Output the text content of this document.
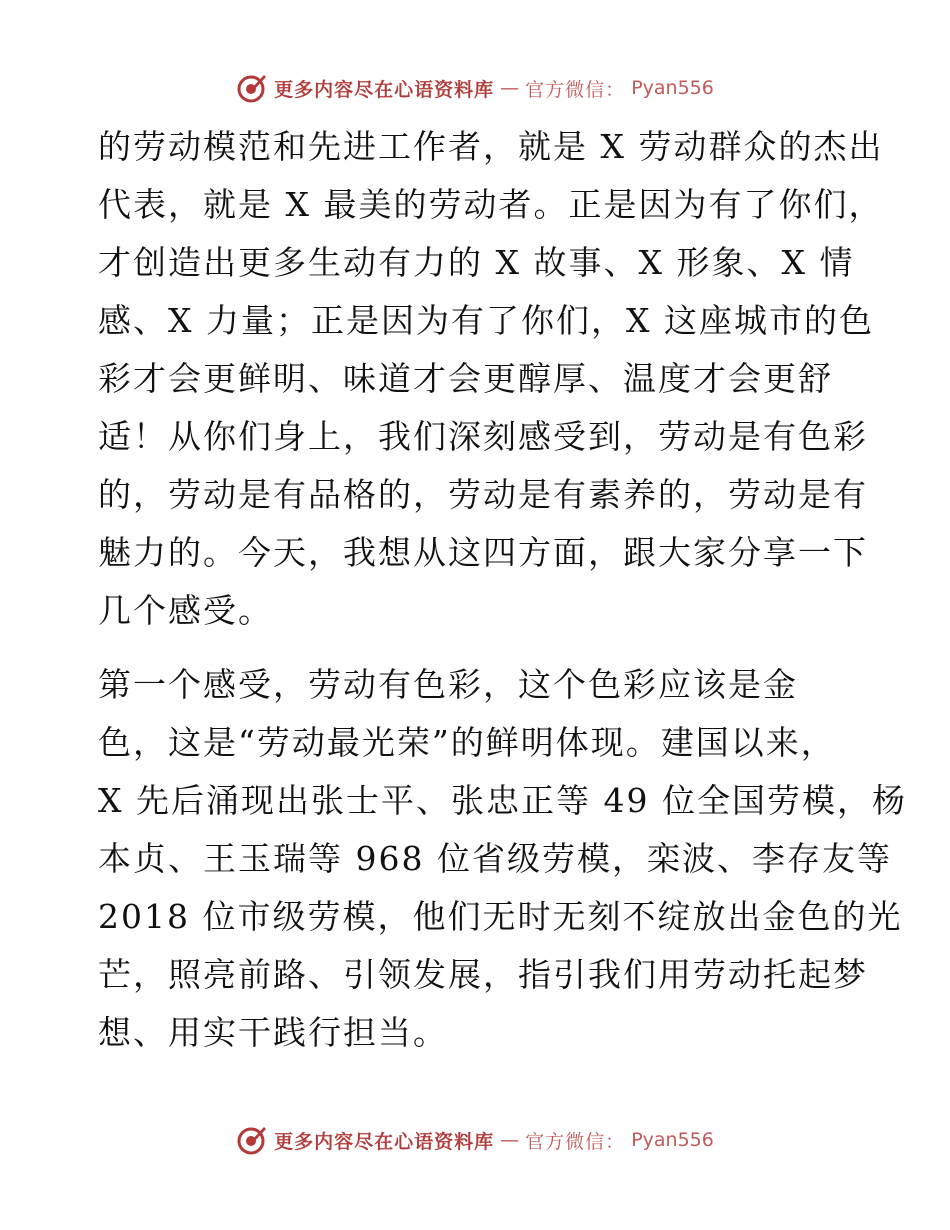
更多内容尽在心语资料库 — 官方微信： Pyan556
的劳动模范和先进工作者，就是 X 劳动群众的杰出
代表，就是 X 最美的劳动者。正是因为有了你们，
才创造出更多生动有力的 X 故事、X 形象、X 情
感、X 力量；正是因为有了你们，X 这座城市的色
彩才会更鲜明、味道才会更醇厚、温度才会更舒
适！从你们身上，我们深刻感受到，劳动是有色彩
的，劳动是有品格的，劳动是有素养的，劳动是有
魅力的。今天，我想从这四方面，跟大家分享一下
几个感受。
第一个感受，劳动有色彩，这个色彩应该是金
色，这是“劳动最光荣”的鲜明体现。建国以来，
X 先后涌现出张士平、张忠正等 49 位全国劳模，杨
本贞、王玉瑞等 968 位省级劳模，栾波、李存友等
2018 位市级劳模，他们无时无刻不绽放出金色的光
芒，照亮前路、引领发展，指引我们用劳动托起梦
想、用实干践行担当。
更多内容尽在心语资料库 — 官方微信： Pyan556
